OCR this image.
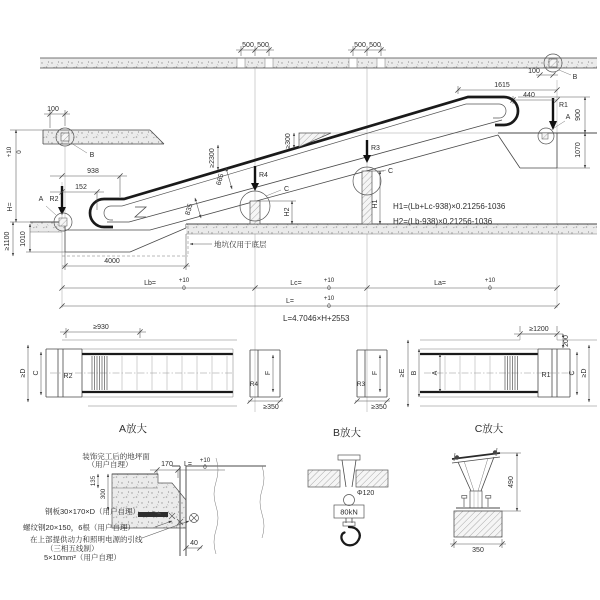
500 500	500 500
B
100
A
R1
B
100
1615
440
900
1070
地坑仅用于底层
1010
≥1100
+10 0
H=
R2
A
938
152
≥2300
≥300
665
835
R4
C
H2
R3
C
H1 H1=(Lb+Lc-938)×0.21256-1036
H2=(Lb-938)×0.21256-1036
4000
Lb=	+10
0
Lc=	+10
0
La=	+10
0
L=	+10
0
L=4.7046×H+2553
≥930
≥D C	R2
A放大
≥350
R4
F
≥350
R3
F
B放大
≥1200
200
≥E B A	R1	C ≥D
C放大
装饰完工后的地坪面
（用户自理）	170 L=
+10
0
135
300
40
钢板30×170×D（用户自理）
螺纹钢20×150，6根（用户自理）
在上部提供动力和照明电源的引线
（三相五线制）
5×10mm²（用户自理）
Φ120
80kN
350
490
